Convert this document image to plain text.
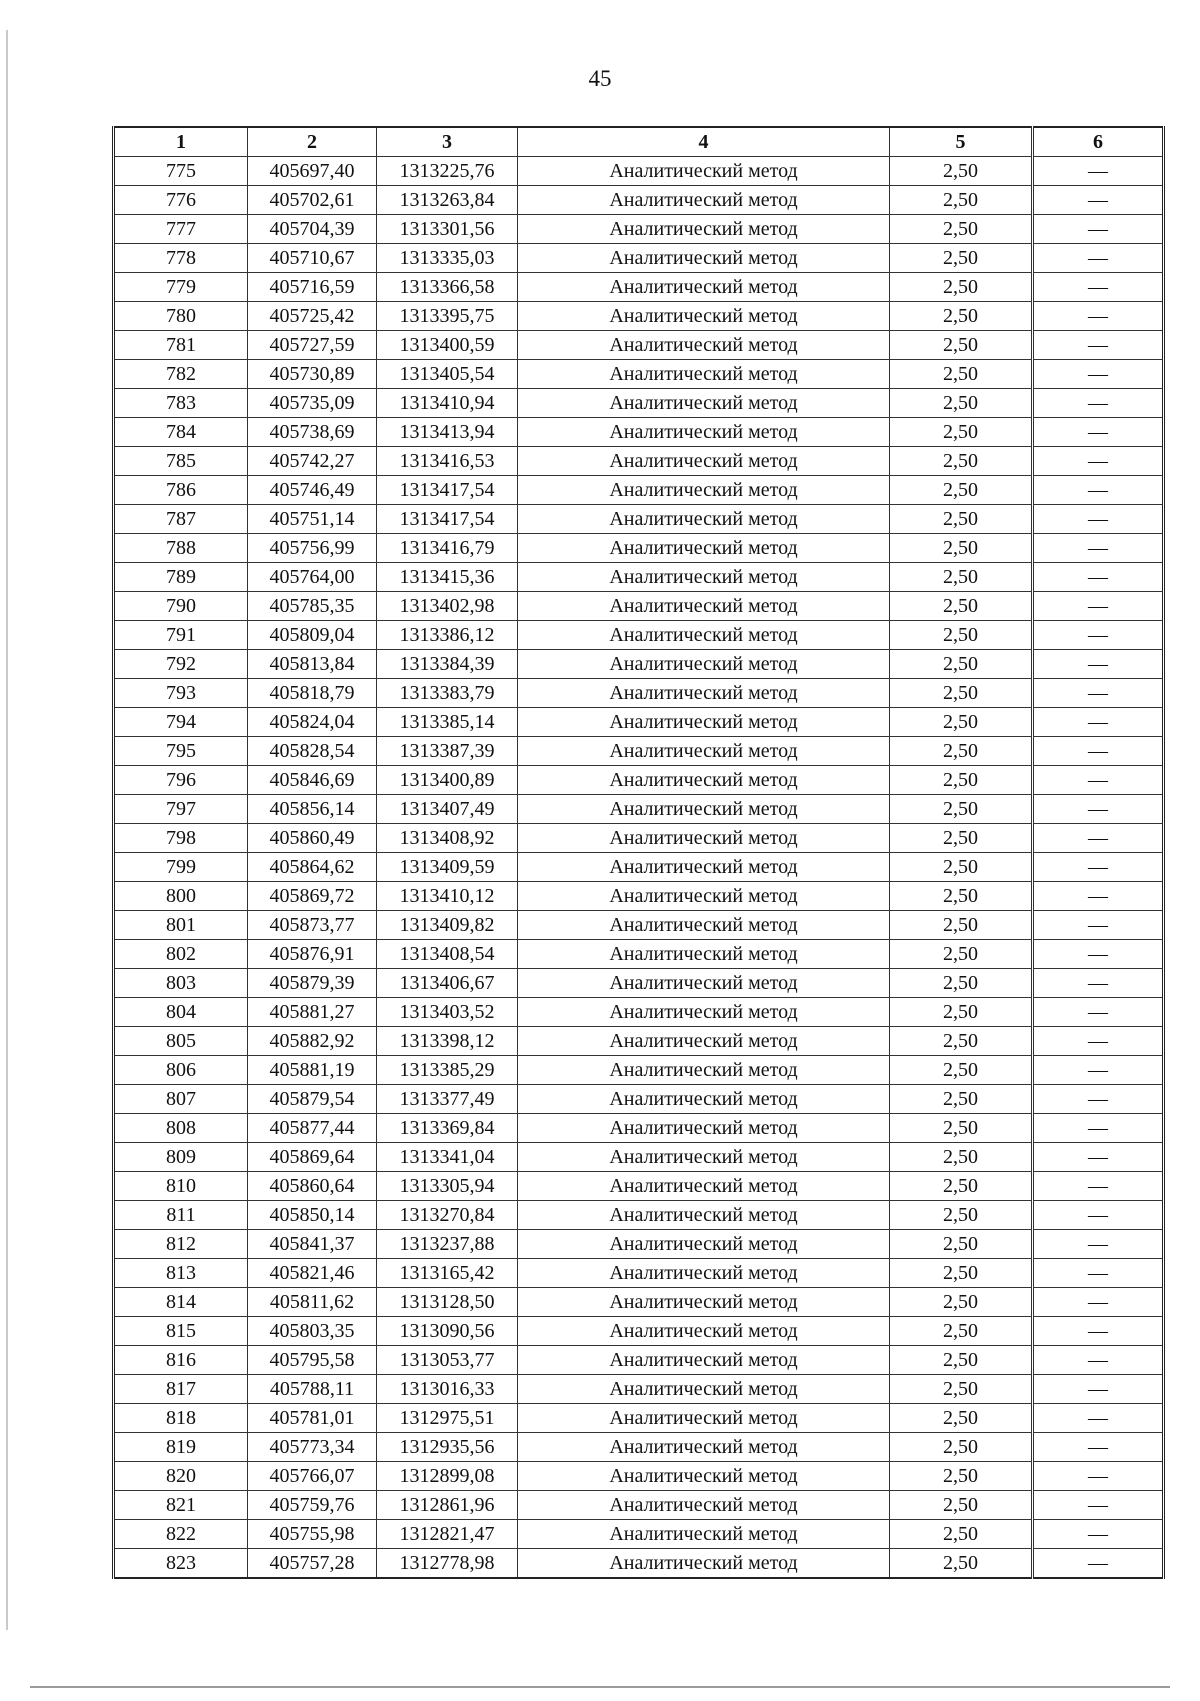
45
1	2	3	4	5	6
775	405697,40	1313225,76	Аналитический метод	2,50	—
776	405702,61	1313263,84	Аналитический метод	2,50	—
777	405704,39	1313301,56	Аналитический метод	2,50	—
778	405710,67	1313335,03	Аналитический метод	2,50	—
779	405716,59	1313366,58	Аналитический метод	2,50	—
780	405725,42	1313395,75	Аналитический метод	2,50	—
781	405727,59	1313400,59	Аналитический метод	2,50	—
782	405730,89	1313405,54	Аналитический метод	2,50	—
783	405735,09	1313410,94	Аналитический метод	2,50	—
784	405738,69	1313413,94	Аналитический метод	2,50	—
785	405742,27	1313416,53	Аналитический метод	2,50	—
786	405746,49	1313417,54	Аналитический метод	2,50	—
787	405751,14	1313417,54	Аналитический метод	2,50	—
788	405756,99	1313416,79	Аналитический метод	2,50	—
789	405764,00	1313415,36	Аналитический метод	2,50	—
790	405785,35	1313402,98	Аналитический метод	2,50	—
791	405809,04	1313386,12	Аналитический метод	2,50	—
792	405813,84	1313384,39	Аналитический метод	2,50	—
793	405818,79	1313383,79	Аналитический метод	2,50	—
794	405824,04	1313385,14	Аналитический метод	2,50	—
795	405828,54	1313387,39	Аналитический метод	2,50	—
796	405846,69	1313400,89	Аналитический метод	2,50	—
797	405856,14	1313407,49	Аналитический метод	2,50	—
798	405860,49	1313408,92	Аналитический метод	2,50	—
799	405864,62	1313409,59	Аналитический метод	2,50	—
800	405869,72	1313410,12	Аналитический метод	2,50	—
801	405873,77	1313409,82	Аналитический метод	2,50	—
802	405876,91	1313408,54	Аналитический метод	2,50	—
803	405879,39	1313406,67	Аналитический метод	2,50	—
804	405881,27	1313403,52	Аналитический метод	2,50	—
805	405882,92	1313398,12	Аналитический метод	2,50	—
806	405881,19	1313385,29	Аналитический метод	2,50	—
807	405879,54	1313377,49	Аналитический метод	2,50	—
808	405877,44	1313369,84	Аналитический метод	2,50	—
809	405869,64	1313341,04	Аналитический метод	2,50	—
810	405860,64	1313305,94	Аналитический метод	2,50	—
811	405850,14	1313270,84	Аналитический метод	2,50	—
812	405841,37	1313237,88	Аналитический метод	2,50	—
813	405821,46	1313165,42	Аналитический метод	2,50	—
814	405811,62	1313128,50	Аналитический метод	2,50	—
815	405803,35	1313090,56	Аналитический метод	2,50	—
816	405795,58	1313053,77	Аналитический метод	2,50	—
817	405788,11	1313016,33	Аналитический метод	2,50	—
818	405781,01	1312975,51	Аналитический метод	2,50	—
819	405773,34	1312935,56	Аналитический метод	2,50	—
820	405766,07	1312899,08	Аналитический метод	2,50	—
821	405759,76	1312861,96	Аналитический метод	2,50	—
822	405755,98	1312821,47	Аналитический метод	2,50	—
823	405757,28	1312778,98	Аналитический метод	2,50	—
